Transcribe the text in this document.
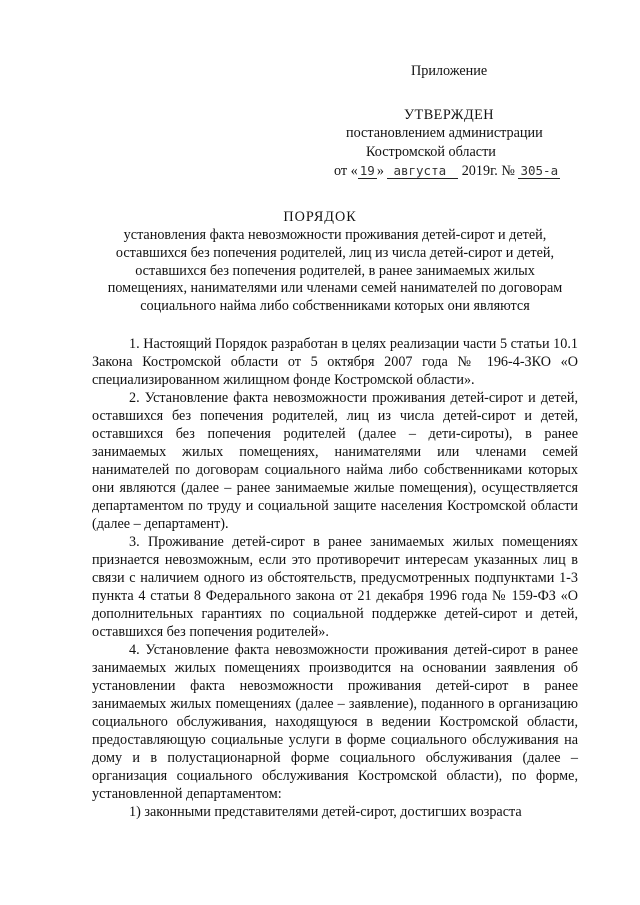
Приложение
УТВЕРЖДЕН
постановлением администрации
Костромской области
от « 19 » августа 2019г. № 305-а
ПОРЯДОК
установления факта невозможности проживания детей-сирот и детей, оставшихся без попечения родителей, лиц из числа детей-сирот и детей, оставшихся без попечения родителей, в ранее занимаемых жилых помещениях, нанимателями или членами семей нанимателей по договорам социального найма либо собственниками которых они являются

1. Настоящий Порядок разработан в целях реализации части 5 статьи 10.1 Закона Костромской области от 5 октября 2007 года № 196-4-ЗКО «О специализированном жилищном фонде Костромской области».

2. Установление факта невозможности проживания детей-сирот и детей, оставшихся без попечения родителей, лиц из числа детей-сирот и детей, оставшихся без попечения родителей (далее – дети-сироты), в ранее занимаемых жилых помещениях, нанимателями или членами семей нанимателей по договорам социального найма либо собственниками которых они являются (далее – ранее занимаемые жилые помещения), осуществляется департаментом по труду и социальной защите населения Костромской области (далее – департамент).

3. Проживание детей-сирот в ранее занимаемых жилых помещениях признается невозможным, если это противоречит интересам указанных лиц в связи с наличием одного из обстоятельств, предусмотренных подпунктами 1-3 пункта 4 статьи 8 Федерального закона от 21 декабря 1996 года № 159-ФЗ «О дополнительных гарантиях по социальной поддержке детей-сирот и детей, оставшихся без попечения родителей».

4. Установление факта невозможности проживания детей-сирот в ранее занимаемых жилых помещениях производится на основании заявления об установлении факта невозможности проживания детей-сирот в ранее занимаемых жилых помещениях (далее – заявление), поданного в организацию социального обслуживания, находящуюся в ведении Костромской области, предоставляющую социальные услуги в форме социального обслуживания на дому и в полустационарной форме социального обслуживания (далее – организация социального обслуживания Костромской области), по форме, установленной департаментом:

1) законными представителями детей-сирот, достигших возраста
